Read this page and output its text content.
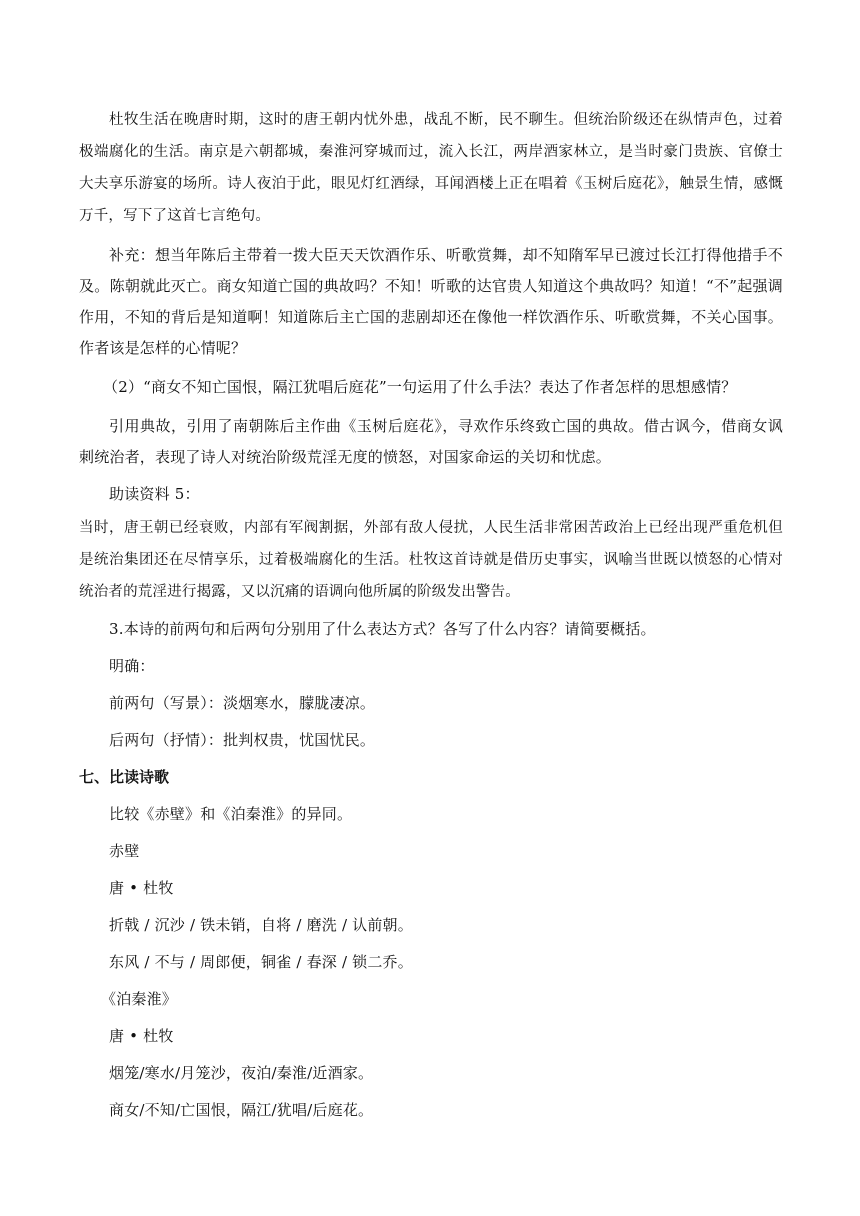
杜牧生活在晚唐时期，这时的唐王朝内忧外患，战乱不断，民不聊生。但统治阶级还在纵情声色，过着极端腐化的生活。南京是六朝都城，秦淮河穿城而过，流入长江，两岸酒家林立，是当时豪门贵族、官僚士大夫享乐游宴的场所。诗人夜泊于此，眼见灯红酒绿，耳闻酒楼上正在唱着《玉树后庭花》，触景生情，感慨万千，写下了这首七言绝句。

补充：想当年陈后主带着一拨大臣天天饮酒作乐、听歌赏舞，却不知隋军早已渡过长江打得他措手不及。陈朝就此灭亡。商女知道亡国的典故吗？不知！听歌的达官贵人知道这个典故吗？知道！“不”起强调作用，不知的背后是知道啊！知道陈后主亡国的悲剧却还在像他一样饮酒作乐、听歌赏舞，不关心国事。作者该是怎样的心情呢？

（2）“商女不知亡国恨，隔江犹唱后庭花”一句运用了什么手法？表达了作者怎样的思想感情？

引用典故，引用了南朝陈后主作曲《玉树后庭花》，寻欢作乐终致亡国的典故。借古讽今，借商女讽刺统治者，表现了诗人对统治阶级荒淫无度的愤怒，对国家命运的关切和忧虑。

助读资料 5：

当时，唐王朝已经衰败，内部有军阀割据，外部有敌人侵扰，人民生活非常困苦政治上已经出现严重危机但是统治集团还在尽情享乐，过着极端腐化的生活。杜牧这首诗就是借历史事实，讽喻当世既以愤怒的心情对统治者的荒淫进行揭露，又以沉痛的语调向他所属的阶级发出警告。

3.本诗的前两句和后两句分别用了什么表达方式？各写了什么内容？请简要概括。

明确：

前两句（写景）：淡烟寒水，朦胧凄凉。

后两句（抒情）：批判权贵，忧国忧民。

七、比读诗歌

比较《赤壁》和《泊秦淮》的异同。

赤壁

唐 • 杜牧

折戟 / 沉沙 / 铁未销，自将 / 磨洗 / 认前朝。

东风 / 不与 / 周郎便，铜雀 / 春深 / 锁二乔。

《泊秦淮》

唐 • 杜牧

烟笼/寒水/月笼沙，夜泊/秦淮/近酒家。

商女/不知/亡国恨，隔江/犹唱/后庭花。
